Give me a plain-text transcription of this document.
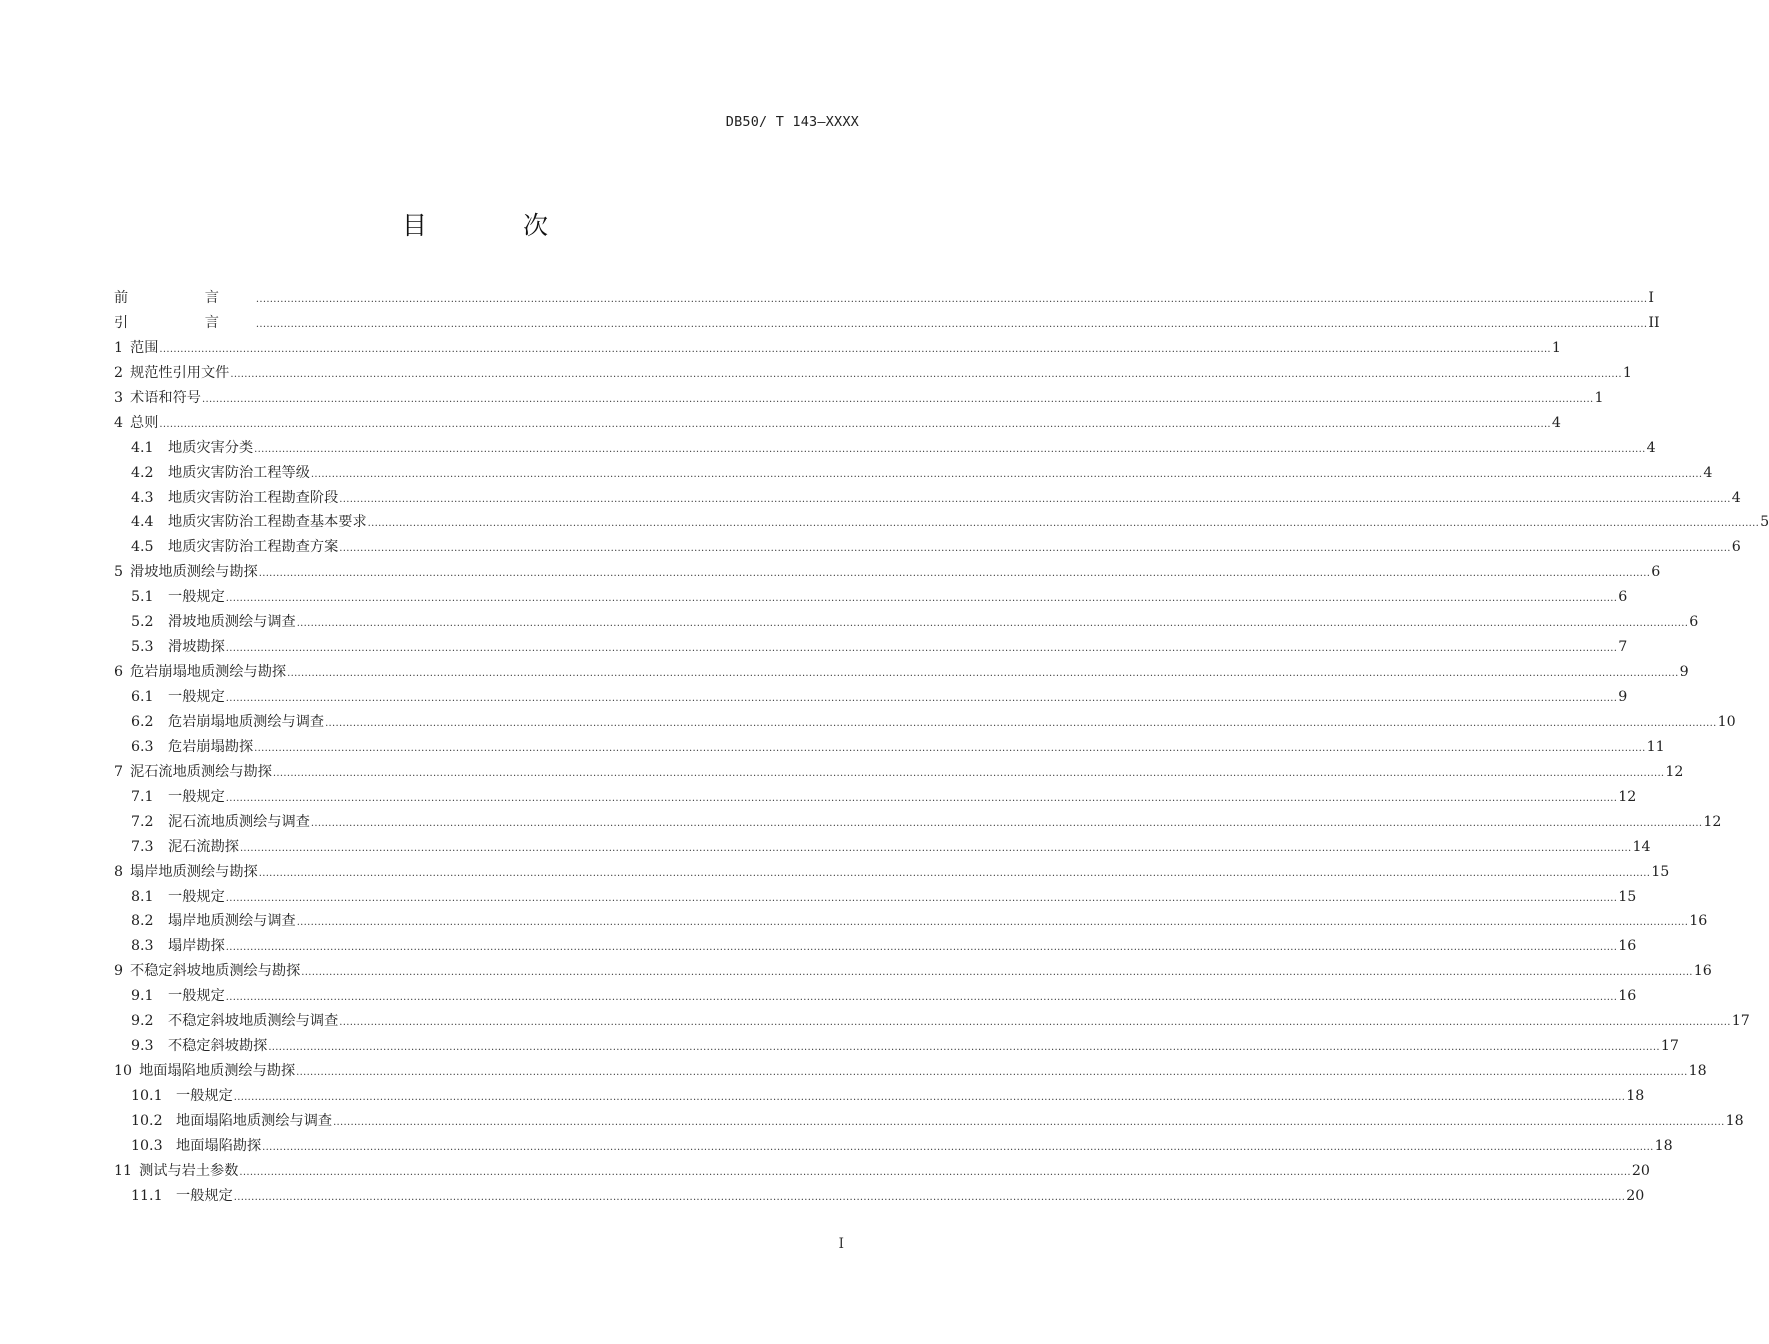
DB50/ T 143—XXXX
目 次
前 言 ................................................................................................................................................................................................................................................................................................................................................................................................................ I
引 言 ................................................................................................................................................................................................................................................................................................................................................................................................................ II
1 范围 ................................................................................................................................................................................................................................................................................................................................................................................................................ 1
2 规范性引用文件 ................................................................................................................................................................................................................................................................................................................................................................................................................ 1
3 术语和符号 ................................................................................................................................................................................................................................................................................................................................................................................................................ 1
4 总则 ................................................................................................................................................................................................................................................................................................................................................................................................................ 4
4.1	地质灾害分类 ................................................................................................................................................................................................................................................................................................................................................................................................................ 4
4.2	地质灾害防治工程等级 ................................................................................................................................................................................................................................................................................................................................................................................................................ 4
4.3	地质灾害防治工程勘查阶段 ................................................................................................................................................................................................................................................................................................................................................................................................................ 4
4.4	地质灾害防治工程勘查基本要求 ................................................................................................................................................................................................................................................................................................................................................................................................................ 5
4.5	地质灾害防治工程勘查方案 ................................................................................................................................................................................................................................................................................................................................................................................................................ 6
5 滑坡地质测绘与勘探 ................................................................................................................................................................................................................................................................................................................................................................................................................ 6
5.1	一般规定 ................................................................................................................................................................................................................................................................................................................................................................................................................ 6
5.2	滑坡地质测绘与调查 ................................................................................................................................................................................................................................................................................................................................................................................................................ 6
5.3	滑坡勘探 ................................................................................................................................................................................................................................................................................................................................................................................................................ 7
6 危岩崩塌地质测绘与勘探 ................................................................................................................................................................................................................................................................................................................................................................................................................ 9
6.1	一般规定 ................................................................................................................................................................................................................................................................................................................................................................................................................ 9
6.2	危岩崩塌地质测绘与调查 ................................................................................................................................................................................................................................................................................................................................................................................................................ 10
6.3	危岩崩塌勘探 ................................................................................................................................................................................................................................................................................................................................................................................................................ 11
7 泥石流地质测绘与勘探 ................................................................................................................................................................................................................................................................................................................................................................................................................ 12
7.1	一般规定 ................................................................................................................................................................................................................................................................................................................................................................................................................ 12
7.2	泥石流地质测绘与调查 ................................................................................................................................................................................................................................................................................................................................................................................................................ 12
7.3	泥石流勘探 ................................................................................................................................................................................................................................................................................................................................................................................................................ 14
8 塌岸地质测绘与勘探 ................................................................................................................................................................................................................................................................................................................................................................................................................ 15
8.1	一般规定 ................................................................................................................................................................................................................................................................................................................................................................................................................ 15
8.2	塌岸地质测绘与调查 ................................................................................................................................................................................................................................................................................................................................................................................................................ 16
8.3	塌岸勘探 ................................................................................................................................................................................................................................................................................................................................................................................................................ 16
9 不稳定斜坡地质测绘与勘探 ................................................................................................................................................................................................................................................................................................................................................................................................................ 16
9.1	一般规定 ................................................................................................................................................................................................................................................................................................................................................................................................................ 16
9.2	不稳定斜坡地质测绘与调查 ................................................................................................................................................................................................................................................................................................................................................................................................................ 17
9.3	不稳定斜坡勘探 ................................................................................................................................................................................................................................................................................................................................................................................................................ 17
10 地面塌陷地质测绘与勘探 ................................................................................................................................................................................................................................................................................................................................................................................................................ 18
10.1 一般规定 ................................................................................................................................................................................................................................................................................................................................................................................................................ 18
10.2 地面塌陷地质测绘与调查 ................................................................................................................................................................................................................................................................................................................................................................................................................ 18
10.3 地面塌陷勘探 ................................................................................................................................................................................................................................................................................................................................................................................................................ 18
11 测试与岩土参数 ................................................................................................................................................................................................................................................................................................................................................................................................................ 20
11.1 一般规定 ................................................................................................................................................................................................................................................................................................................................................................................................................ 20
I
